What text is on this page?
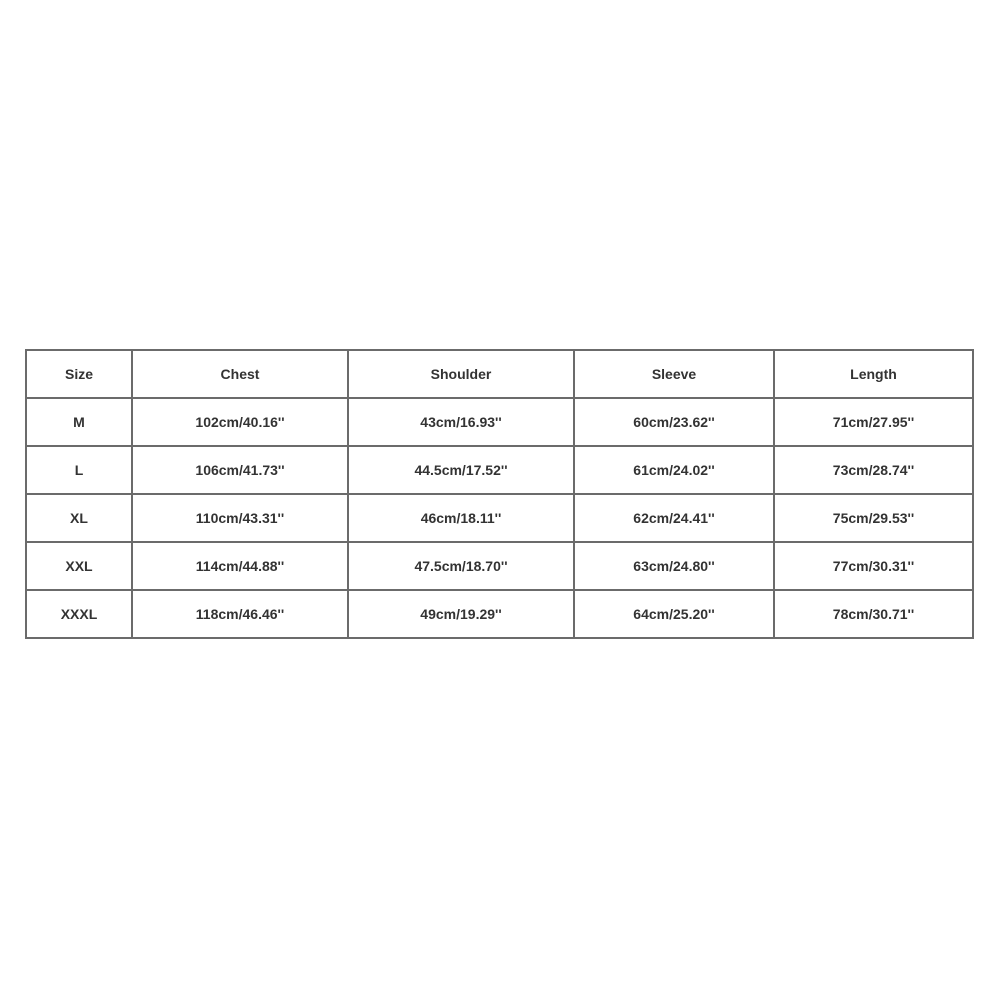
Size	Chest	Shoulder	Sleeve	Length
M	102cm/40.16''	43cm/16.93''	60cm/23.62''	71cm/27.95''
L	106cm/41.73''	44.5cm/17.52''	61cm/24.02''	73cm/28.74''
XL	110cm/43.31''	46cm/18.11''	62cm/24.41''	75cm/29.53''
XXL	114cm/44.88''	47.5cm/18.70''	63cm/24.80''	77cm/30.31''
XXXL	118cm/46.46''	49cm/19.29''	64cm/25.20''	78cm/30.71''
